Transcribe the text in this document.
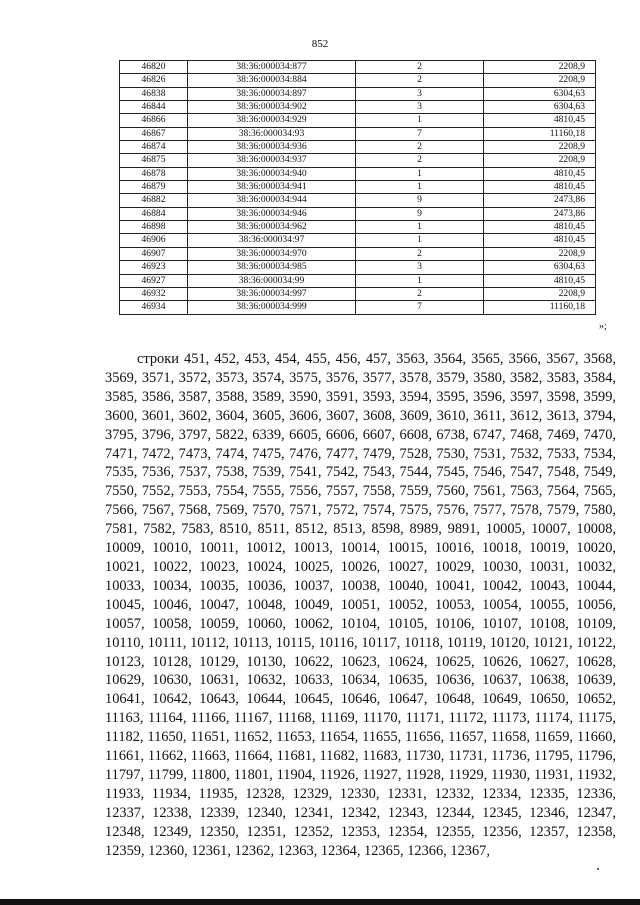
852
46820	38:36:000034:877	2	2208,9
46826	38:36:000034:884	2	2208,9
46838	38:36:000034:897	3	6304,63
46844	38:36:000034:902	3	6304,63
46866	38:36:000034:929	1	4810,45
46867	38:36:000034:93	7	11160,18
46874	38:36:000034:936	2	2208,9
46875	38:36:000034:937	2	2208,9
46878	38:36:000034:940	1	4810,45
46879	38:36:000034:941	1	4810,45
46882	38:36:000034:944	9	2473,86
46884	38:36:000034:946	9	2473,86
46898	38:36:000034:962	1	4810,45
46906	38:36:000034:97	1	4810,45
46907	38:36:000034:970	2	2208,9
46923	38:36:000034:985	3	6304,63
46927	38:36:000034:99	1	4810,45
46932	38:36:000034:997	2	2208,9
46934	38:36:000034:999	7	11160,18
»;
строки 451, 452, 453, 454, 455, 456, 457, 3563, 3564, 3565, 3566, 3567, 3568, 3569, 3571, 3572, 3573, 3574, 3575, 3576, 3577, 3578, 3579, 3580, 3582, 3583, 3584, 3585, 3586, 3587, 3588, 3589, 3590, 3591, 3593, 3594, 3595, 3596, 3597, 3598, 3599, 3600, 3601, 3602, 3604, 3605, 3606, 3607, 3608, 3609, 3610, 3611, 3612, 3613, 3794, 3795, 3796, 3797, 5822, 6339, 6605, 6606, 6607, 6608, 6738, 6747, 7468, 7469, 7470, 7471, 7472, 7473, 7474, 7475, 7476, 7477, 7479, 7528, 7530, 7531, 7532, 7533, 7534, 7535, 7536, 7537, 7538, 7539, 7541, 7542, 7543, 7544, 7545, 7546, 7547, 7548, 7549, 7550, 7552, 7553, 7554, 7555, 7556, 7557, 7558, 7559, 7560, 7561, 7563, 7564, 7565, 7566, 7567, 7568, 7569, 7570, 7571, 7572, 7574, 7575, 7576, 7577, 7578, 7579, 7580, 7581, 7582, 7583, 8510, 8511, 8512, 8513, 8598, 8989, 9891, 10005, 10007, 10008, 10009, 10010, 10011, 10012, 10013, 10014, 10015, 10016, 10018, 10019, 10020, 10021, 10022, 10023, 10024, 10025, 10026, 10027, 10029, 10030, 10031, 10032, 10033, 10034, 10035, 10036, 10037, 10038, 10040, 10041, 10042, 10043, 10044, 10045, 10046, 10047, 10048, 10049, 10051, 10052, 10053, 10054, 10055, 10056, 10057, 10058, 10059, 10060, 10062, 10104, 10105, 10106, 10107, 10108, 10109, 10110, 10111, 10112, 10113, 10115, 10116, 10117, 10118, 10119, 10120, 10121, 10122, 10123, 10128, 10129, 10130, 10622, 10623, 10624, 10625, 10626, 10627, 10628, 10629, 10630, 10631, 10632, 10633, 10634, 10635, 10636, 10637, 10638, 10639, 10641, 10642, 10643, 10644, 10645, 10646, 10647, 10648, 10649, 10650, 10652, 11163, 11164, 11166, 11167, 11168, 11169, 11170, 11171, 11172, 11173, 11174, 11175, 11182, 11650, 11651, 11652, 11653, 11654, 11655, 11656, 11657, 11658, 11659, 11660, 11661, 11662, 11663, 11664, 11681, 11682, 11683, 11730, 11731, 11736, 11795, 11796, 11797, 11799, 11800, 11801, 11904, 11926, 11927, 11928, 11929, 11930, 11931, 11932, 11933, 11934, 11935, 12328, 12329, 12330, 12331, 12332, 12334, 12335, 12336, 12337, 12338, 12339, 12340, 12341, 12342, 12343, 12344, 12345, 12346, 12347, 12348, 12349, 12350, 12351, 12352, 12353, 12354, 12355, 12356, 12357, 12358, 12359, 12360, 12361, 12362, 12363, 12364, 12365, 12366, 12367,
